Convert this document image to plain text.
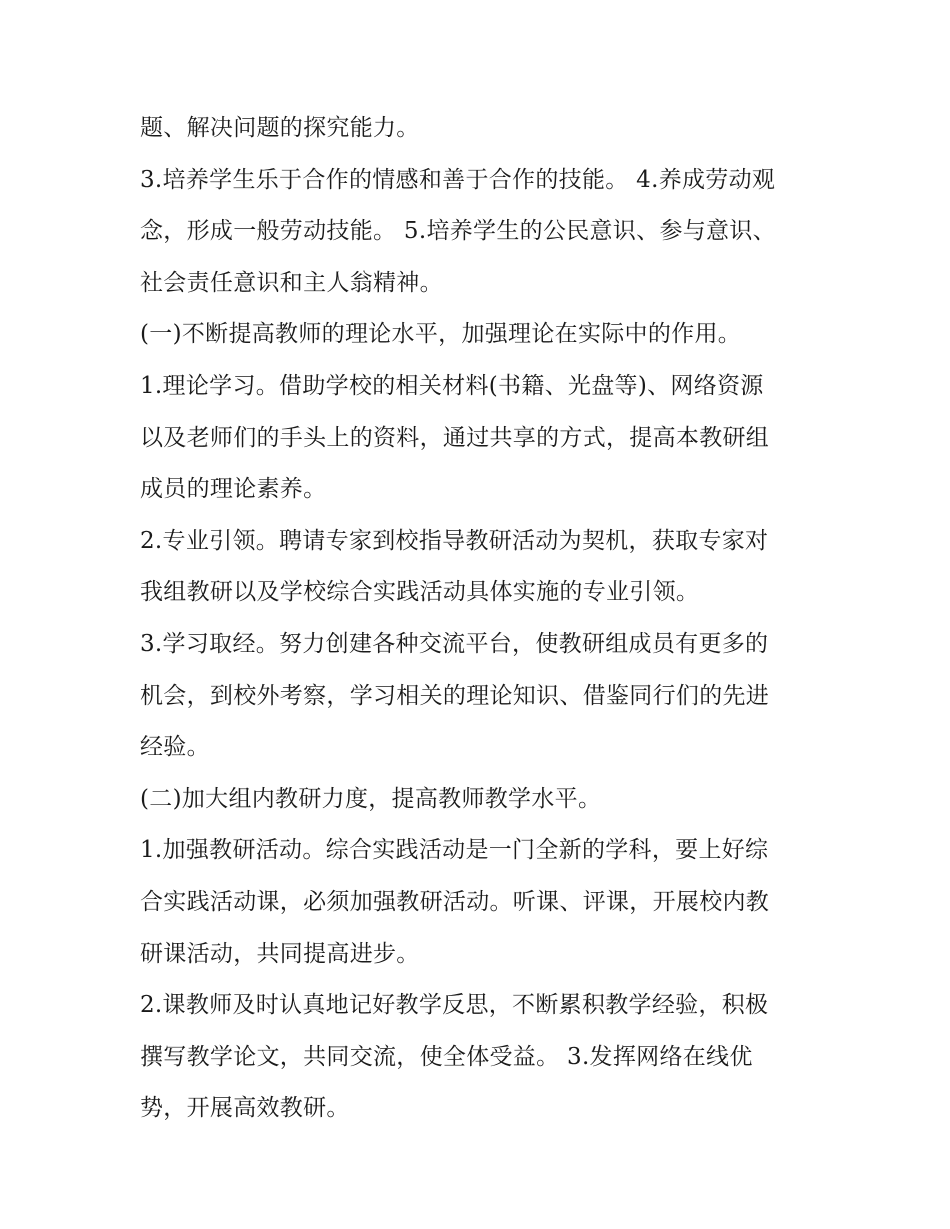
题、解决问题的探究能力。
3.培养学生乐于合作的情感和善于合作的技能。 4.养成劳动观
念，形成一般劳动技能。 5.培养学生的公民意识、参与意识、
社会责任意识和主人翁精神。
(一)不断提高教师的理论水平，加强理论在实际中的作用。
1.理论学习。借助学校的相关材料(书籍、光盘等)、网络资源
以及老师们的手头上的资料，通过共享的方式，提高本教研组
成员的理论素养。
2.专业引领。聘请专家到校指导教研活动为契机，获取专家对
我组教研以及学校综合实践活动具体实施的专业引领。
3.学习取经。努力创建各种交流平台，使教研组成员有更多的
机会，到校外考察，学习相关的理论知识、借鉴同行们的先进
经验。
(二)加大组内教研力度，提高教师教学水平。
1.加强教研活动。综合实践活动是一门全新的学科，要上好综
合实践活动课，必须加强教研活动。听课、评课，开展校内教
研课活动，共同提高进步。
2.课教师及时认真地记好教学反思，不断累积教学经验，积极
撰写教学论文，共同交流，使全体受益。 3.发挥网络在线优
势，开展高效教研。
